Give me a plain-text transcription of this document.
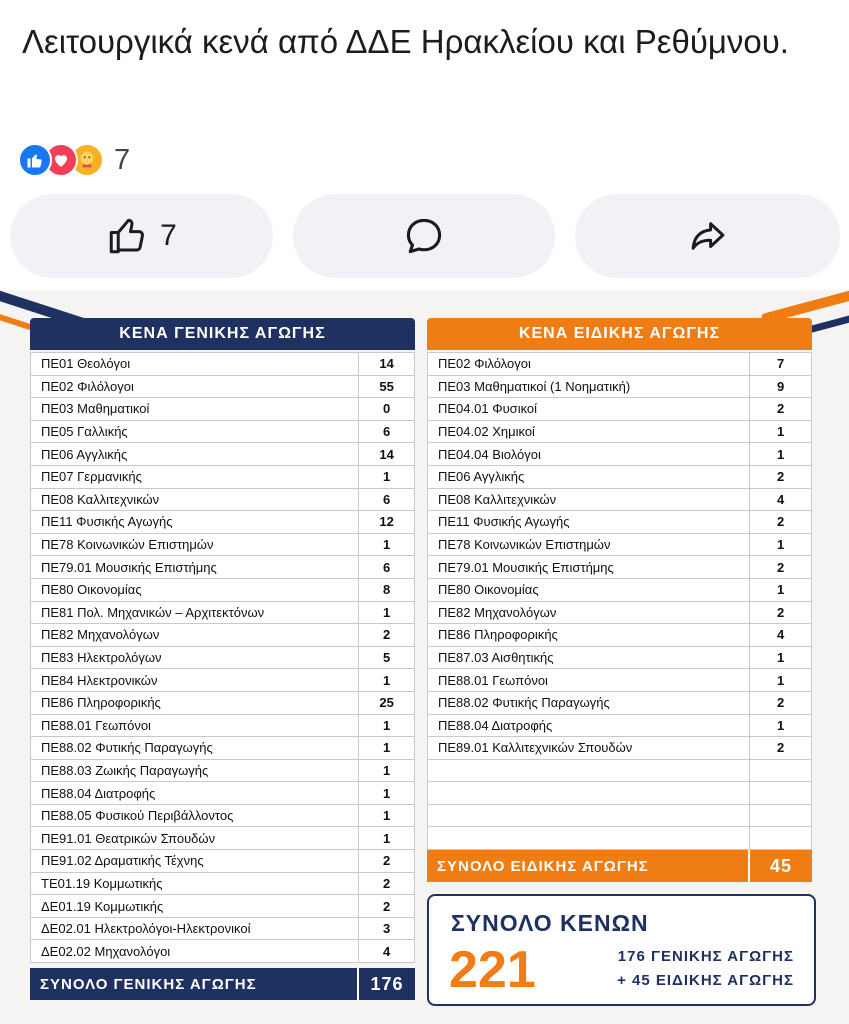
Λειτουργικά κενά από ΔΔΕ Ηρακλείου και Ρεθύμνου.
7
7
ΚΕΝΑ ΓΕΝΙΚΗΣ ΑΓΩΓΗΣ
ΠΕ01 Θεολόγοι	14
ΠΕ02 Φιλόλογοι	55
ΠΕ03 Μαθηματικοί	0
ΠΕ05 Γαλλικής	6
ΠΕ06 Αγγλικής	14
ΠΕ07 Γερμανικής	1
ΠΕ08 Καλλιτεχνικών	6
ΠΕ11 Φυσικής Αγωγής	12
ΠΕ78 Κοινωνικών Επιστημών	1
ΠΕ79.01 Μουσικής Επιστήμης	6
ΠΕ80 Οικονομίας	8
ΠΕ81 Πολ. Μηχανικών – Αρχιτεκτόνων	1
ΠΕ82 Μηχανολόγων	2
ΠΕ83 Ηλεκτρολόγων	5
ΠΕ84 Ηλεκτρονικών	1
ΠΕ86 Πληροφορικής	25
ΠΕ88.01 Γεωπόνοι	1
ΠΕ88.02 Φυτικής Παραγωγής	1
ΠΕ88.03 Ζωικής Παραγωγής	1
ΠΕ88.04 Διατροφής	1
ΠΕ88.05 Φυσικού Περιβάλλοντος	1
ΠΕ91.01 Θεατρικών Σπουδών	1
ΠΕ91.02 Δραματικής Τέχνης	2
ΤΕ01.19 Κομμωτικής	2
ΔΕ01.19 Κομμωτικής	2
ΔΕ02.01 Ηλεκτρολόγοι-Ηλεκτρονικοί	3
ΔΕ02.02 Μηχανολόγοι	4
ΣΥΝΟΛΟ ΓΕΝΙΚΗΣ ΑΓΩΓΗΣ	176
ΚΕΝΑ ΕΙΔΙΚΗΣ ΑΓΩΓΗΣ
ΠΕ02 Φιλόλογοι	7
ΠΕ03 Μαθηματικοί (1 Νοηματική)	9
ΠΕ04.01 Φυσικοί	2
ΠΕ04.02 Χημικοί	1
ΠΕ04.04 Βιολόγοι	1
ΠΕ06 Αγγλικής	2
ΠΕ08 Καλλιτεχνικών	4
ΠΕ11 Φυσικής Αγωγής	2
ΠΕ78 Κοινωνικών Επιστημών	1
ΠΕ79.01 Μουσικής Επιστήμης	2
ΠΕ80 Οικονομίας	1
ΠΕ82 Μηχανολόγων	2
ΠΕ86 Πληροφορικής	4
ΠΕ87.03 Αισθητικής	1
ΠΕ88.01 Γεωπόνοι	1
ΠΕ88.02 Φυτικής Παραγωγής	2
ΠΕ88.04 Διατροφής	1
ΠΕ89.01 Καλλιτεχνικών Σπουδών	2

ΣΥΝΟΛΟ ΕΙΔΙΚΗΣ ΑΓΩΓΗΣ	45
ΣΥΝΟΛΟ ΚΕΝΩΝ
221	176 ΓΕΝΙΚΗΣ ΑΓΩΓΗΣ
+ 45 ΕΙΔΙΚΗΣ ΑΓΩΓΗΣ
